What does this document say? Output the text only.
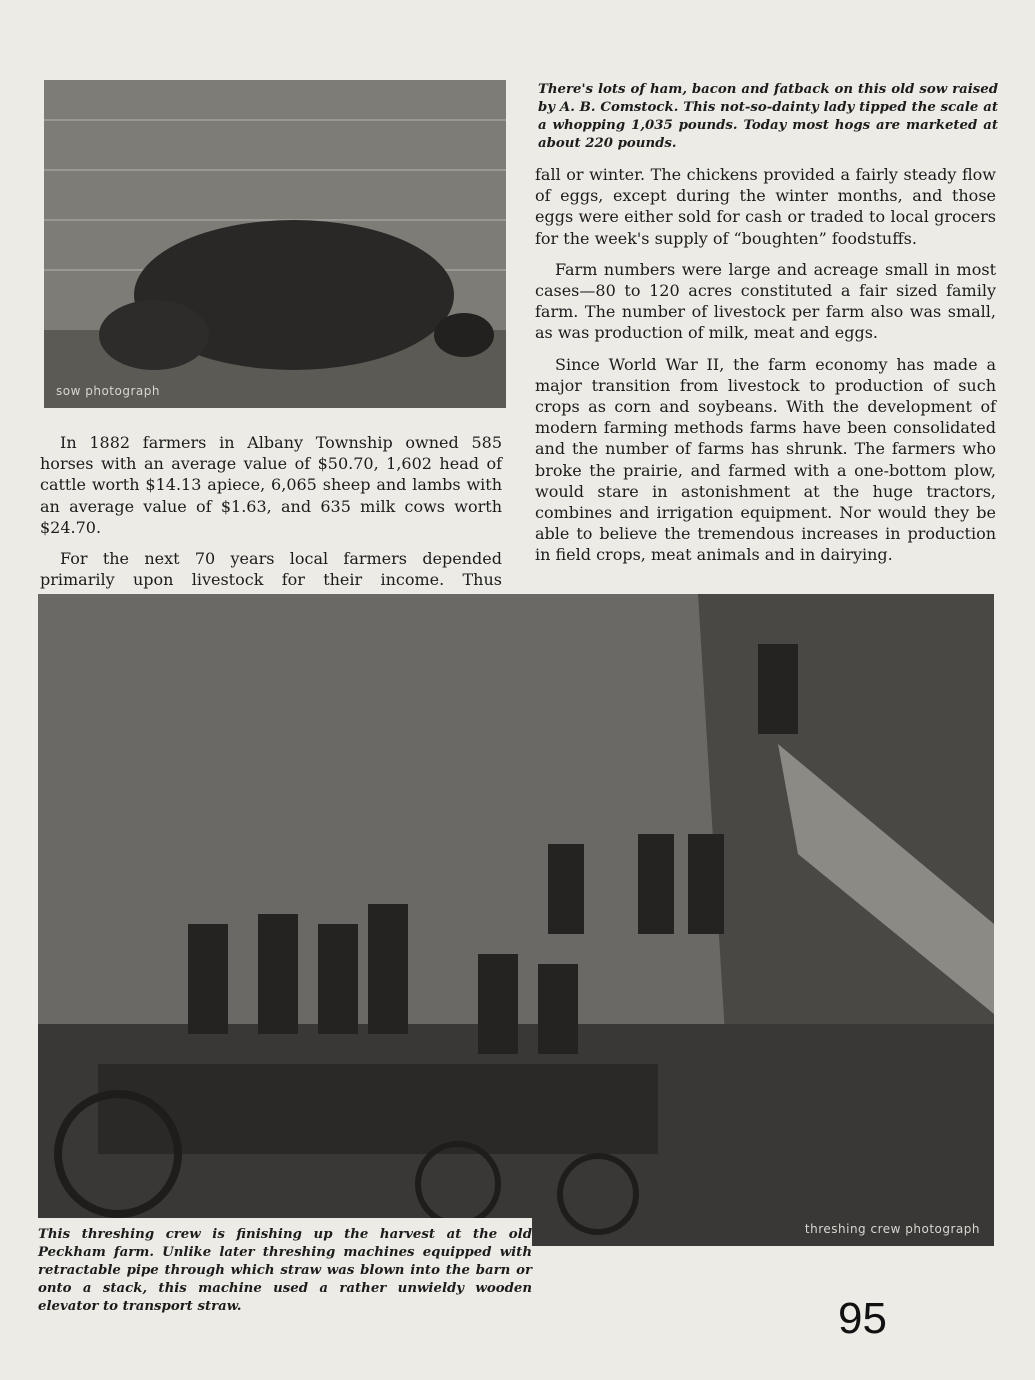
sow photograph
There's lots of ham, bacon and fatback on this old sow raised by A. B. Comstock. This not-so-dainty lady tipped the scale at a whopping 1,035 pounds. Today most hogs are marketed at about 220 pounds.

In 1882 farmers in Albany Township owned 585 horses with an average value of $50.70, 1,602 head of cattle worth $14.13 apiece, 6,065 sheep and lambs with an average value of $1.63, and 635 milk cows worth $24.70.

For the next 70 years local farmers depended primarily upon livestock for their income. Thus

fall or winter. The chickens provided a fairly steady flow of eggs, except during the winter months, and those eggs were either sold for cash or traded to local grocers for the week's supply of “boughten” foodstuffs.

Farm numbers were large and acreage small in most cases—80 to 120 acres constituted a fair sized family farm. The number of livestock per farm also was small, as was production of milk, meat and eggs.

Since World War II, the farm economy has made a major transition from livestock to production of such crops as corn and soybeans. With the development of modern farming methods farms have been consolidated and the number of farms has shrunk. The farmers who broke the prairie, and farmed with a one-bottom plow, would stare in astonishment at the huge tractors, combines and irrigation equipment. Nor would they be able to believe the tremendous increases in production in field crops, meat animals and in dairying.

threshing crew photograph
This threshing crew is finishing up the harvest at the old Peckham farm. Unlike later threshing machines equipped with retractable pipe through which straw was blown into the barn or onto a stack, this machine used a rather unwieldy wooden elevator to transport straw.	95
